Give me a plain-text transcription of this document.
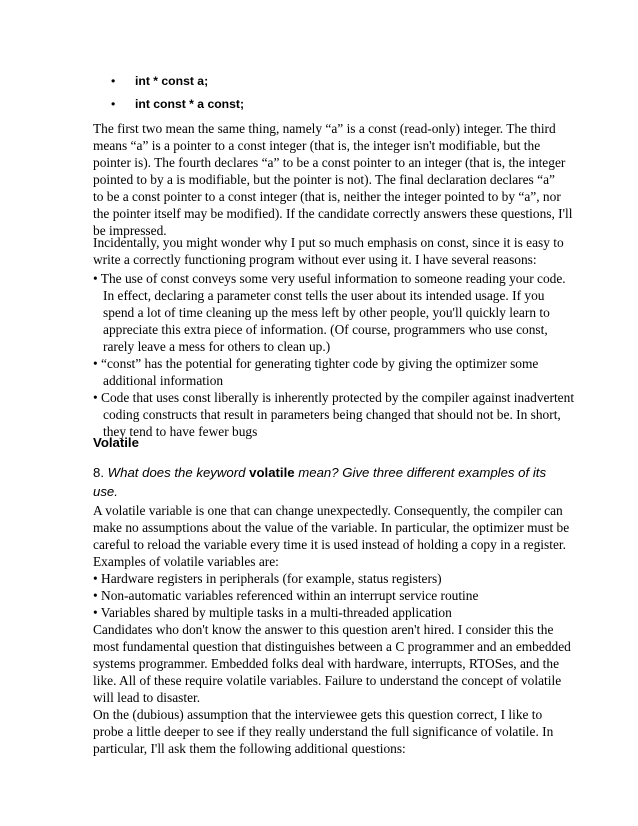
• int * const a;
• int const * a const;
The first two mean the same thing, namely “a” is a const (read-only) integer. The third
means “a” is a pointer to a const integer (that is, the integer isn't modifiable, but the
pointer is). The fourth declares “a” to be a const pointer to an integer (that is, the integer
pointed to by a is modifiable, but the pointer is not). The final declaration declares “a”
to be a const pointer to a const integer (that is, neither the integer pointed to by “a”, nor
the pointer itself may be modified). If the candidate correctly answers these questions, I'll
be impressed.
Incidentally, you might wonder why I put so much emphasis on const, since it is easy to
write a correctly functioning program without ever using it. I have several reasons:
• The use of const conveys some very useful information to someone reading your code.
In effect, declaring a parameter const tells the user about its intended usage. If you
spend a lot of time cleaning up the mess left by other people, you'll quickly learn to
appreciate this extra piece of information. (Of course, programmers who use const,
rarely leave a mess for others to clean up.)
• “const” has the potential for generating tighter code by giving the optimizer some
additional information
• Code that uses const liberally is inherently protected by the compiler against inadvertent
coding constructs that result in parameters being changed that should not be. In short,
they tend to have fewer bugs
Volatile
8. What does the keyword volatile mean? Give three different examples of its
use.
A volatile variable is one that can change unexpectedly. Consequently, the compiler can
make no assumptions about the value of the variable. In particular, the optimizer must be
careful to reload the variable every time it is used instead of holding a copy in a register.
Examples of volatile variables are:
• Hardware registers in peripherals (for example, status registers)
• Non-automatic variables referenced within an interrupt service routine
• Variables shared by multiple tasks in a multi-threaded application
Candidates who don't know the answer to this question aren't hired. I consider this the
most fundamental question that distinguishes between a C programmer and an embedded
systems programmer. Embedded folks deal with hardware, interrupts, RTOSes, and the
like. All of these require volatile variables. Failure to understand the concept of volatile
will lead to disaster.
On the (dubious) assumption that the interviewee gets this question correct, I like to
probe a little deeper to see if they really understand the full significance of volatile. In
particular, I'll ask them the following additional questions:
